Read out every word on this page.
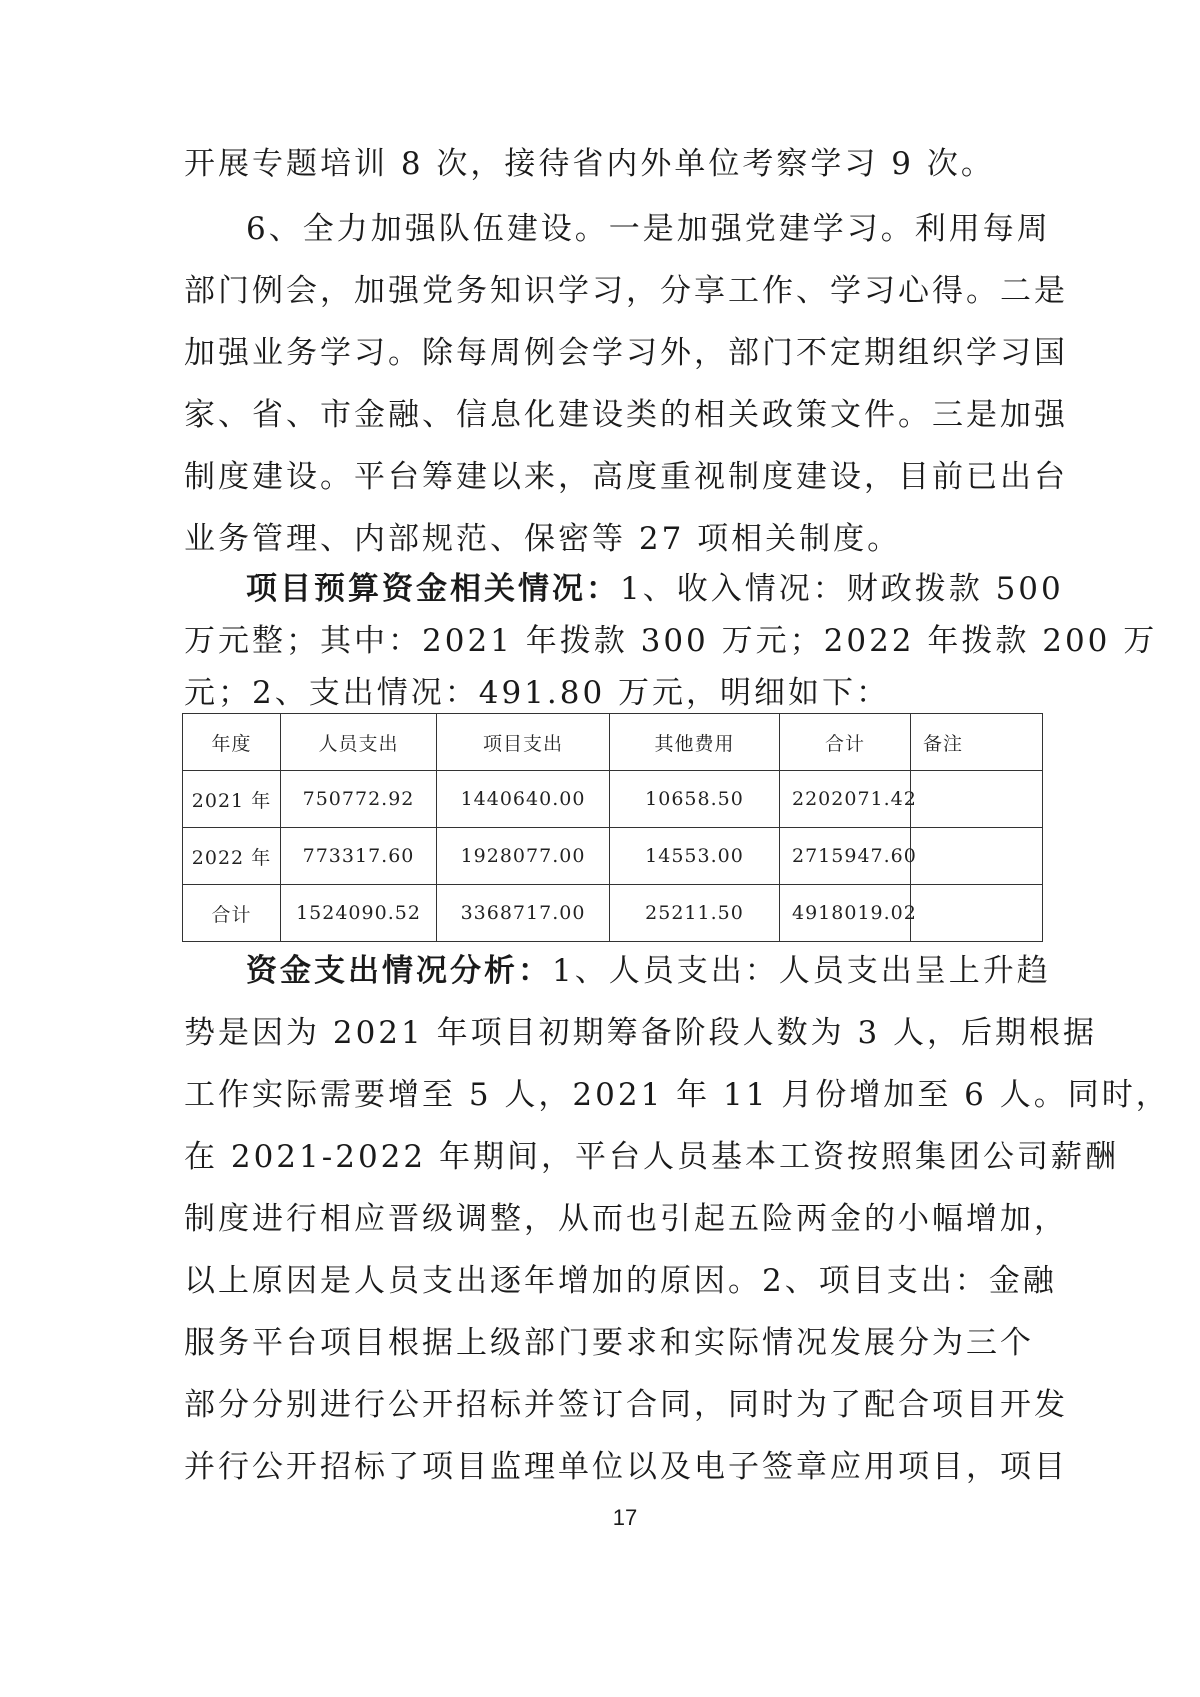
开展专题培训 8 次，接待省内外单位考察学习 9 次。
6、全力加强队伍建设。一是加强党建学习。利用每周
部门例会，加强党务知识学习，分享工作、学习心得。二是
加强业务学习。除每周例会学习外，部门不定期组织学习国
家、省、市金融、信息化建设类的相关政策文件。三是加强
制度建设。平台筹建以来，高度重视制度建设，目前已出台
业务管理、内部规范、保密等 27 项相关制度。
项目预算资金相关情况：1、收入情况：财政拨款 500
万元整；其中：2021 年拨款 300 万元；2022 年拨款 200 万
元；2、支出情况：491.80 万元，明细如下：
年度	人员支出	项目支出	其他费用	合计	备注
2021 年	750772.92	1440640.00	10658.50	2202071.42	
2022 年	773317.60	1928077.00	14553.00	2715947.60	
合计	1524090.52	3368717.00	25211.50	4918019.02	
资金支出情况分析：1、人员支出：人员支出呈上升趋
势是因为 2021 年项目初期筹备阶段人数为 3 人，后期根据
工作实际需要增至 5 人，2021 年 11 月份增加至 6 人。同时，
在 2021-2022 年期间，平台人员基本工资按照集团公司薪酬
制度进行相应晋级调整，从而也引起五险两金的小幅增加，
以上原因是人员支出逐年增加的原因。2、项目支出：金融
服务平台项目根据上级部门要求和实际情况发展分为三个
部分分别进行公开招标并签订合同，同时为了配合项目开发
并行公开招标了项目监理单位以及电子签章应用项目，项目
17
